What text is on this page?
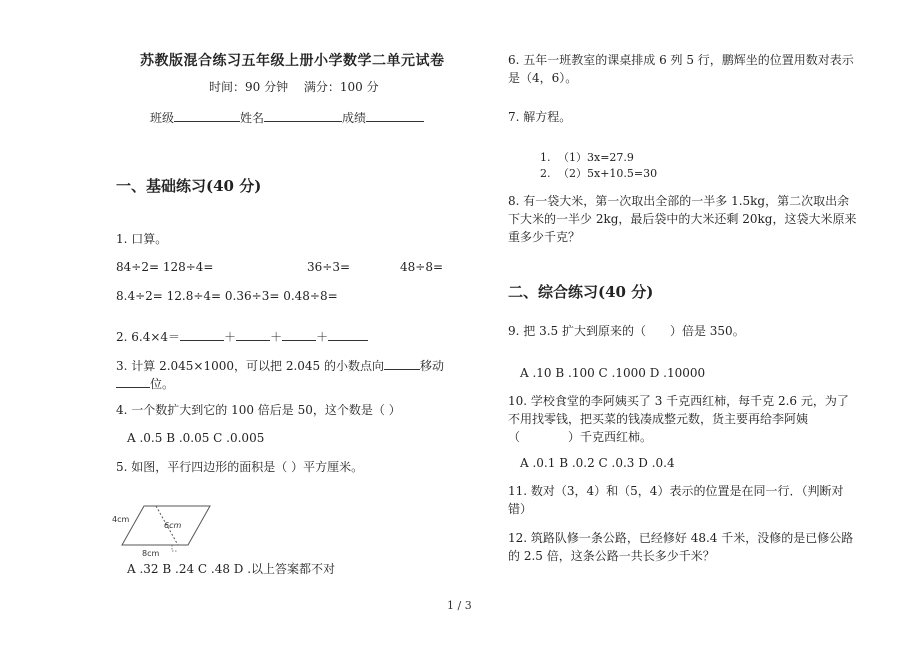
苏教版混合练习五年级上册小学数学二单元试卷
时间：90 分钟　 满分：100 分
班级	姓名	成绩
一、基础练习(40 分)
1. 口算。
84÷2= 128÷4=	36÷3=	48÷8=
8.4÷2= 12.8÷4= 0.36÷3= 0.48÷8=
2. 6.4×4＝	＋	＋	＋
3. 计算 2.045×1000，可以把 2.045 的小数点向	移动
位。
4. 一个数扩大到它的 100 倍后是 50，这个数是（ ）
A .0.5 B .0.05 C .0.005
5. 如图，平行四边形的面积是（ ）平方厘米。
4cm
6cm
8cm
A .32 B .24 C .48 D .以上答案都不对
6. 五年一班教室的课桌排成 6 列 5 行，鹏辉坐的位置用数对表示
是（4，6）。
7. 解方程。
1. （1）3x=27.9
2. （2）5x+10.5=30
8. 有一袋大米，第一次取出全部的一半多 1.5kg，第二次取出余
下大米的一半少 2kg，最后袋中的大米还剩 20kg，这袋大米原来
重多少千克？
二、综合练习(40 分)
9. 把 3.5 扩大到原来的（　　）倍是 350。
A .10 B .100 C .1000 D .10000
10. 学校食堂的李阿姨买了 3 千克西红柿，每千克 2.6 元，为了
不用找零钱，把买菜的钱凑成整元数，货主要再给李阿姨
（　　　　）千克西红柿。
A .0.1 B .0.2 C .0.3 D .0.4
11. 数对（3，4）和（5，4）表示的位置是在同一行．（判断对
错）
12. 筑路队修一条公路，已经修好 48.4 千米，没修的是已修公路
的 2.5 倍，这条公路一共长多少千米？
1 / 3
